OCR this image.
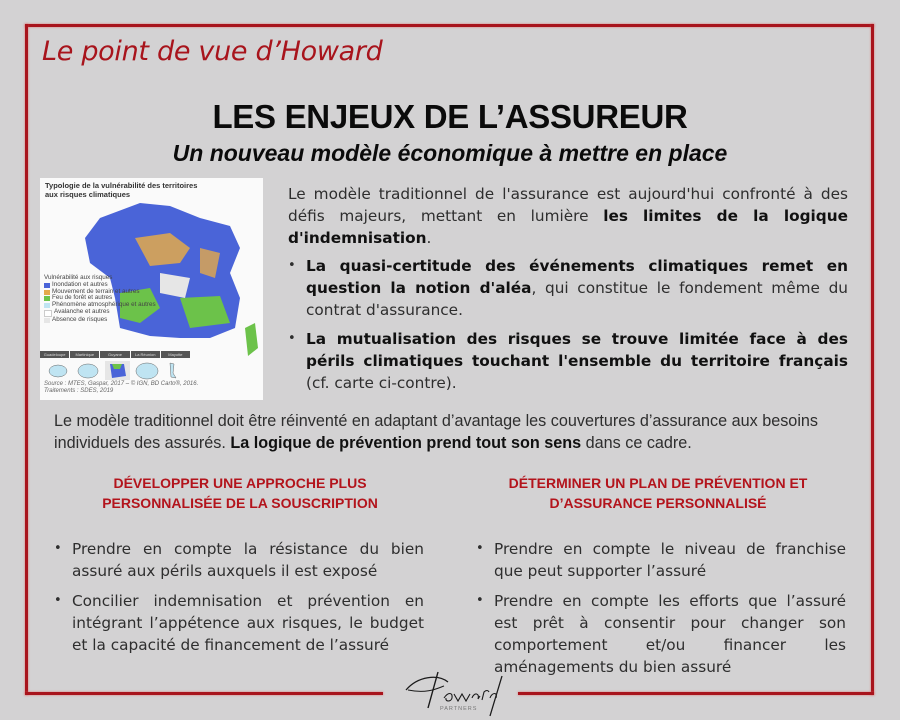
Le point de vue d’Howard
LES ENJEUX DE L’ASSUREUR
Un nouveau modèle économique à mettre en place
Typologie de la vulnérabilité des territoires
aux risques climatiques
Vulnérabilité aux risques
Inondation et autres
Mouvement de terrain et autres
Feu de forêt et autres
Phénomène atmosphérique et autres
Avalanche et autres
Absence de risques
Guadeloupe	Martinique	Guyane	La Réunion	Mayotte
Source : MTES, Gaspar, 2017 – © IGN, BD Carto®, 2016.
Traitements : SDES, 2019
Le modèle traditionnel de l'assurance est aujourd'hui confronté à des défis majeurs, mettant en lumière les limites de la logique d'indemnisation.
• La quasi-certitude des événements climatiques remet en question la notion d'aléa, qui constitue le fondement même du contrat d'assurance.
• La mutualisation des risques se trouve limitée face à des périls climatiques touchant l'ensemble du territoire français (cf. carte ci-contre).
Le modèle traditionnel doit être réinventé en adaptant d’avantage les couvertures d’assurance aux besoins individuels des assurés. La logique de prévention prend tout son sens dans ce cadre.
DÉVELOPPER UNE APPROCHE PLUS
PERSONNALISÉE DE LA SOUSCRIPTION
DÉTERMINER UN PLAN DE PRÉVENTION ET
D’ASSURANCE PERSONNALISÉ
• Prendre en compte la résistance du bien assuré aux périls auxquels il est exposé
• Concilier indemnisation et prévention en intégrant l’appétence aux risques, le budget et la capacité de financement de l’assuré
• Prendre en compte le niveau de franchise que peut supporter l’assuré
• Prendre en compte les efforts que l’assuré est prêt à consentir pour changer son comportement et/ou financer les aménagements du bien assuré
PARTNERS
